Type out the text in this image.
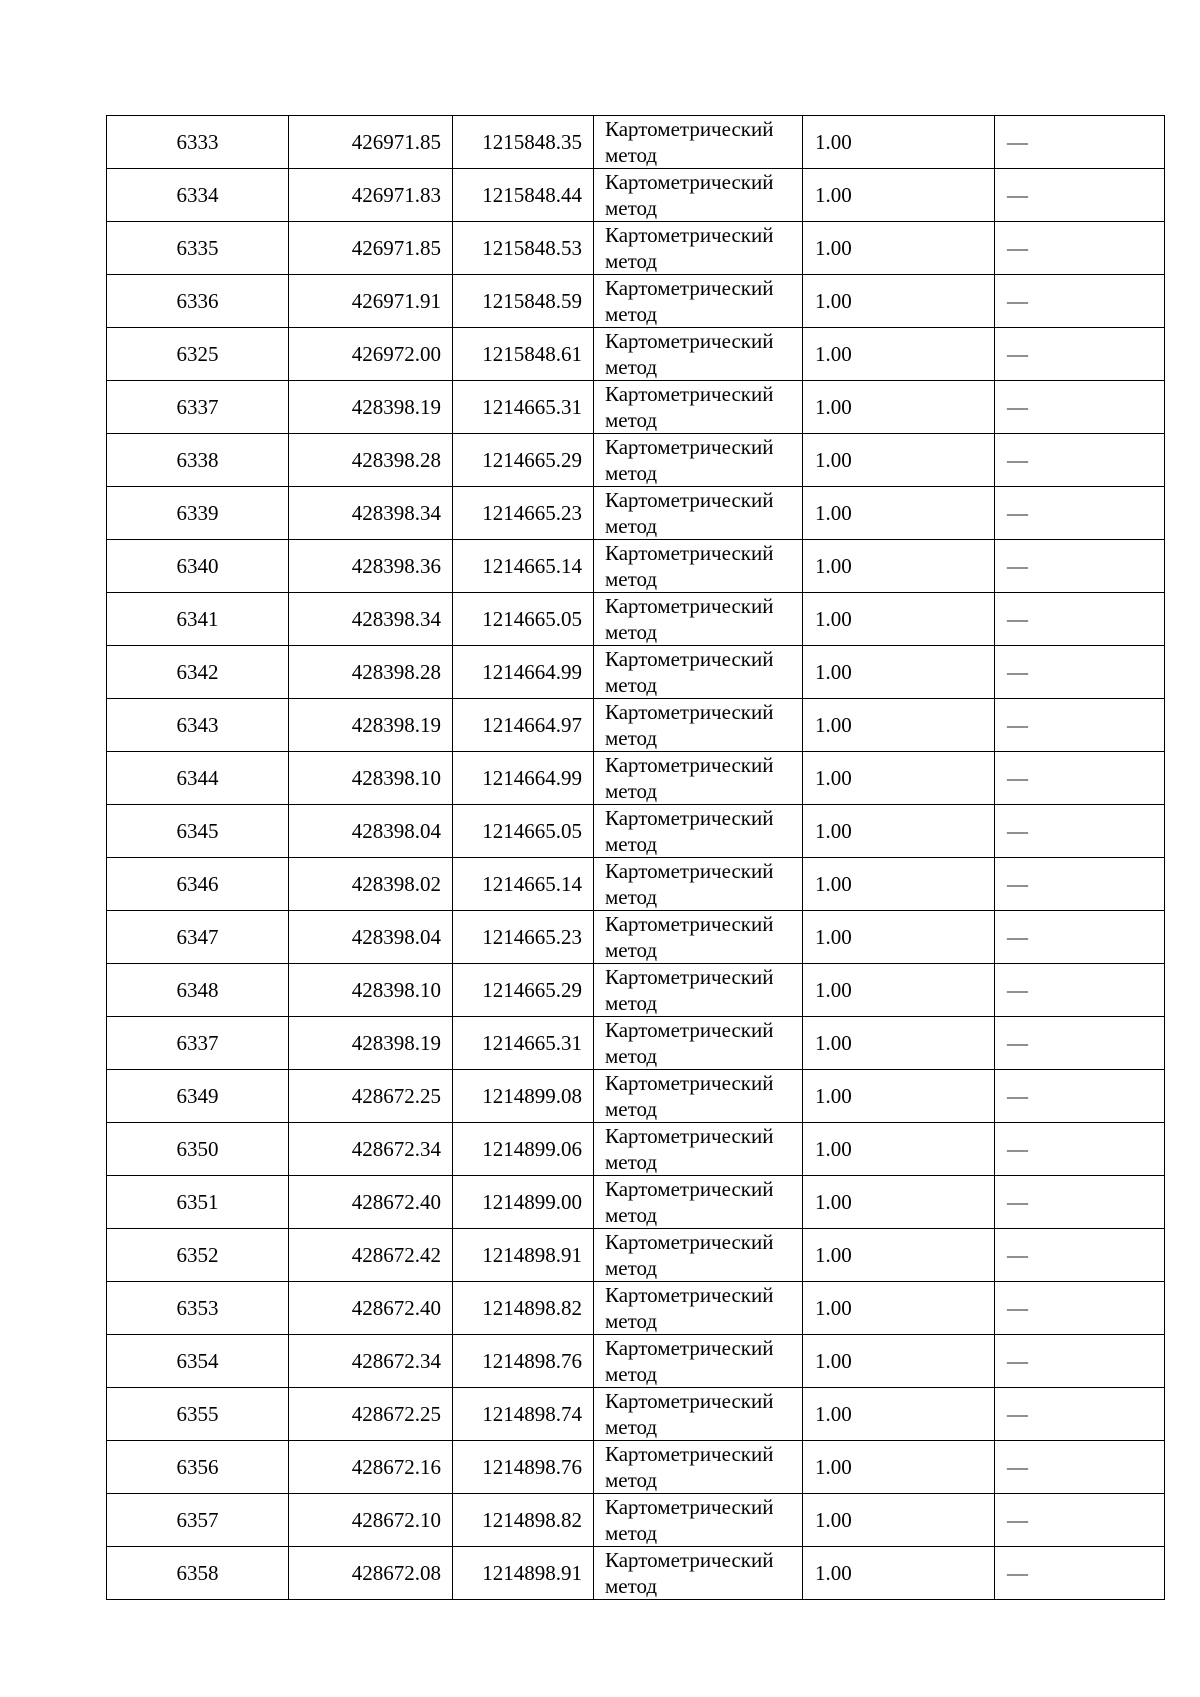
6333	426971.85	1215848.35	Картометрический
метод	1.00	—
6334	426971.83	1215848.44	Картометрический
метод	1.00	—
6335	426971.85	1215848.53	Картометрический
метод	1.00	—
6336	426971.91	1215848.59	Картометрический
метод	1.00	—
6325	426972.00	1215848.61	Картометрический
метод	1.00	—
6337	428398.19	1214665.31	Картометрический
метод	1.00	—
6338	428398.28	1214665.29	Картометрический
метод	1.00	—
6339	428398.34	1214665.23	Картометрический
метод	1.00	—
6340	428398.36	1214665.14	Картометрический
метод	1.00	—
6341	428398.34	1214665.05	Картометрический
метод	1.00	—
6342	428398.28	1214664.99	Картометрический
метод	1.00	—
6343	428398.19	1214664.97	Картометрический
метод	1.00	—
6344	428398.10	1214664.99	Картометрический
метод	1.00	—
6345	428398.04	1214665.05	Картометрический
метод	1.00	—
6346	428398.02	1214665.14	Картометрический
метод	1.00	—
6347	428398.04	1214665.23	Картометрический
метод	1.00	—
6348	428398.10	1214665.29	Картометрический
метод	1.00	—
6337	428398.19	1214665.31	Картометрический
метод	1.00	—
6349	428672.25	1214899.08	Картометрический
метод	1.00	—
6350	428672.34	1214899.06	Картометрический
метод	1.00	—
6351	428672.40	1214899.00	Картометрический
метод	1.00	—
6352	428672.42	1214898.91	Картометрический
метод	1.00	—
6353	428672.40	1214898.82	Картометрический
метод	1.00	—
6354	428672.34	1214898.76	Картометрический
метод	1.00	—
6355	428672.25	1214898.74	Картометрический
метод	1.00	—
6356	428672.16	1214898.76	Картометрический
метод	1.00	—
6357	428672.10	1214898.82	Картометрический
метод	1.00	—
6358	428672.08	1214898.91	Картометрический
метод	1.00	—
